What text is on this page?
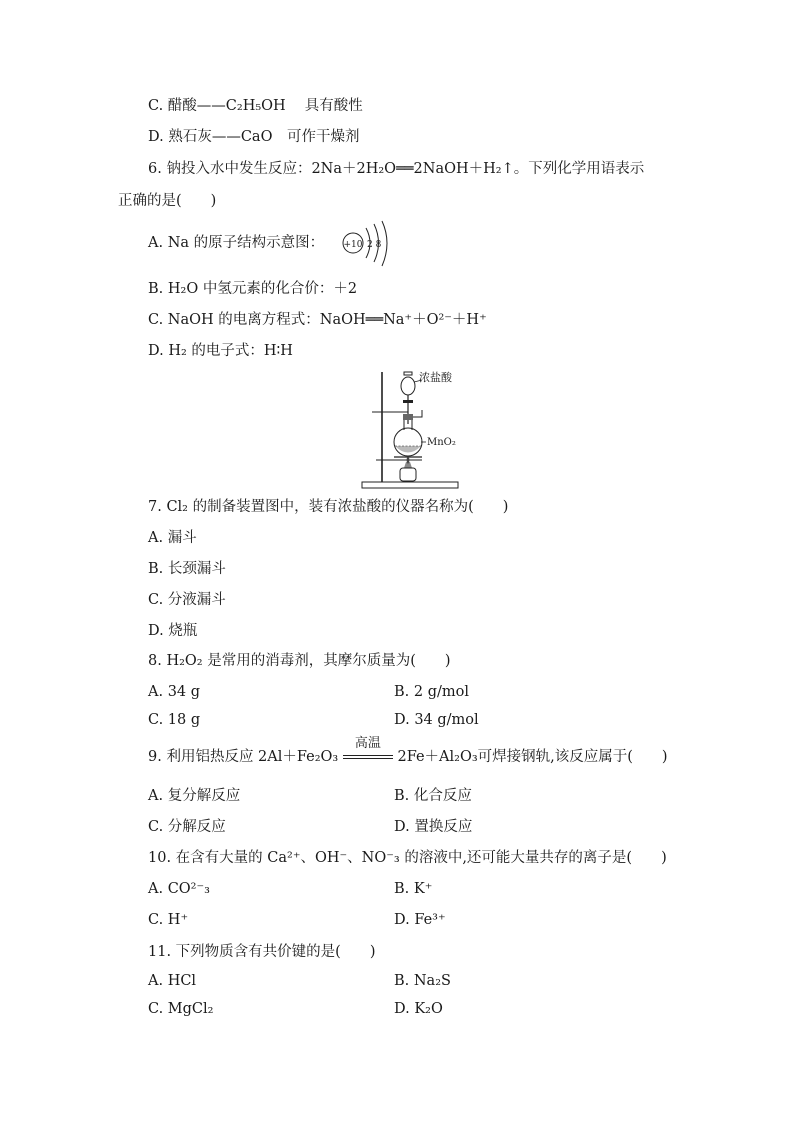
C. 醋酸——C₂H₅OH　 具有酸性
D. 熟石灰——CaO　可作干燥剂
6. 钠投入水中发生反应：2Na＋2H₂O══2NaOH＋H₂↑。下列化学用语表示
正确的是(　　)
A. Na 的原子结构示意图： +10 2 8
B. H₂O 中氢元素的化合价：＋2
C. NaOH 的电离方程式：NaOH══Na⁺＋O²⁻＋H⁺
D. H₂ 的电子式：H∶H
浓盐酸
MnO₂
7. Cl₂ 的制备装置图中，装有浓盐酸的仪器名称为(　　)
A. 漏斗
B. 长颈漏斗
C. 分液漏斗
D. 烧瓶
8. H₂O₂ 是常用的消毒剂，其摩尔质量为(　　)
A. 34 g	B. 2 g/mol
C. 18 g	D. 34 g/mol
9. 利用铝热反应 2Al＋Fe₂O₃
高温
2Fe＋Al₂O₃可焊接钢轨,该反应属于(　　)
A. 复分解反应	B. 化合反应
C. 分解反应	D. 置换反应
10. 在含有大量的 Ca²⁺、OH⁻、NO⁻₃ 的溶液中,还可能大量共存的离子是(　　)
A. CO²⁻₃	B. K⁺
C. H⁺	D. Fe³⁺
11. 下列物质含有共价键的是(　　)
A. HCl	B. Na₂S
C. MgCl₂	D. K₂O
